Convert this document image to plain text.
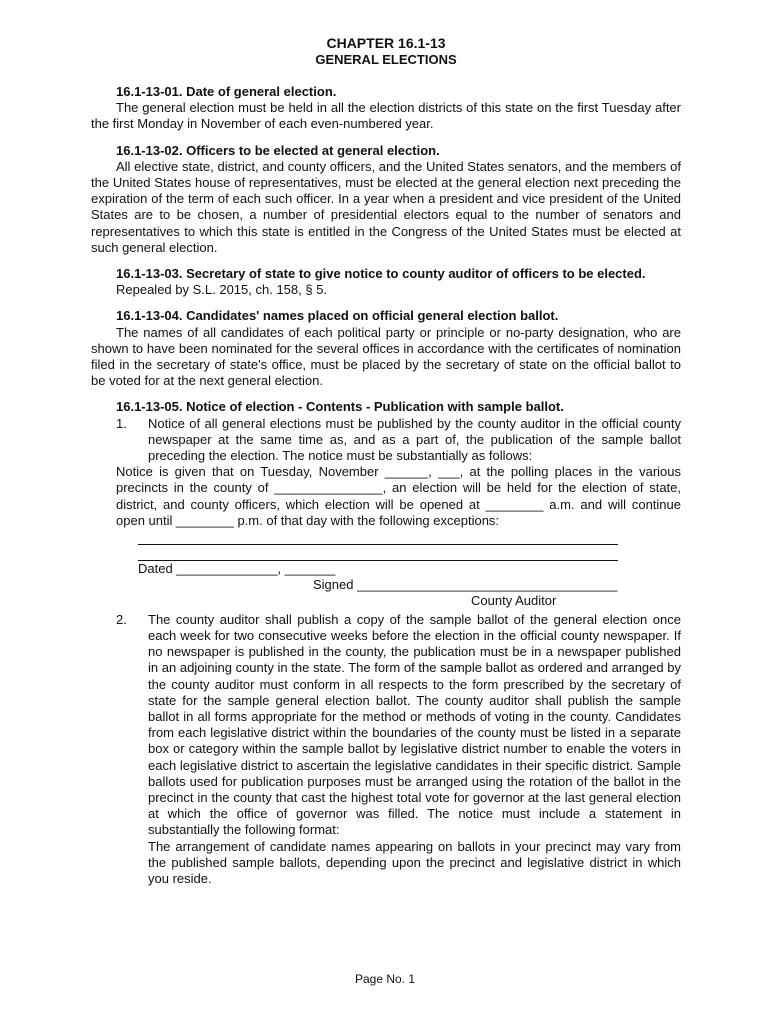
CHAPTER 16.1-13
GENERAL ELECTIONS
16.1-13-01. Date of general election.
The general election must be held in all the election districts of this state on the first Tuesday after the first Monday in November of each even-numbered year.
16.1-13-02. Officers to be elected at general election.
All elective state, district, and county officers, and the United States senators, and the members of the United States house of representatives, must be elected at the general election next preceding the expiration of the term of each such officer. In a year when a president and vice president of the United States are to be chosen, a number of presidential electors equal to the number of senators and representatives to which this state is entitled in the Congress of the United States must be elected at such general election.
16.1-13-03. Secretary of state to give notice to county auditor of officers to be elected.
Repealed by S.L. 2015, ch. 158, § 5.
16.1-13-04. Candidates' names placed on official general election ballot.
The names of all candidates of each political party or principle or no-party designation, who are shown to have been nominated for the several offices in accordance with the certificates of nomination filed in the secretary of state's office, must be placed by the secretary of state on the official ballot to be voted for at the next general election.
16.1-13-05. Notice of election - Contents - Publication with sample ballot.
1.	Notice of all general elections must be published by the county auditor in the official county newspaper at the same time as, and as a part of, the publication of the sample ballot preceding the election. The notice must be substantially as follows:
Notice is given that on Tuesday, November ______, ___, at the polling places in the various precincts in the county of _______________, an election will be held for the election of state, district, and county officers, which election will be opened at ________ a.m. and will continue open until ________ p.m. of that day with the following exceptions:
Dated ______________, _______
Signed ____________________________________
County Auditor
2.	The county auditor shall publish a copy of the sample ballot of the general election once each week for two consecutive weeks before the election in the official county newspaper. If no newspaper is published in the county, the publication must be in a newspaper published in an adjoining county in the state. The form of the sample ballot as ordered and arranged by the county auditor must conform in all respects to the form prescribed by the secretary of state for the sample general election ballot. The county auditor shall publish the sample ballot in all forms appropriate for the method or methods of voting in the county. Candidates from each legislative district within the boundaries of the county must be listed in a separate box or category within the sample ballot by legislative district number to enable the voters in each legislative district to ascertain the legislative candidates in their specific district. Sample ballots used for publication purposes must be arranged using the rotation of the ballot in the precinct in the county that cast the highest total vote for governor at the last general election at which the office of governor was filled. The notice must include a statement in substantially the following format:
The arrangement of candidate names appearing on ballots in your precinct may vary from the published sample ballots, depending upon the precinct and legislative district in which you reside.
Page No. 1
